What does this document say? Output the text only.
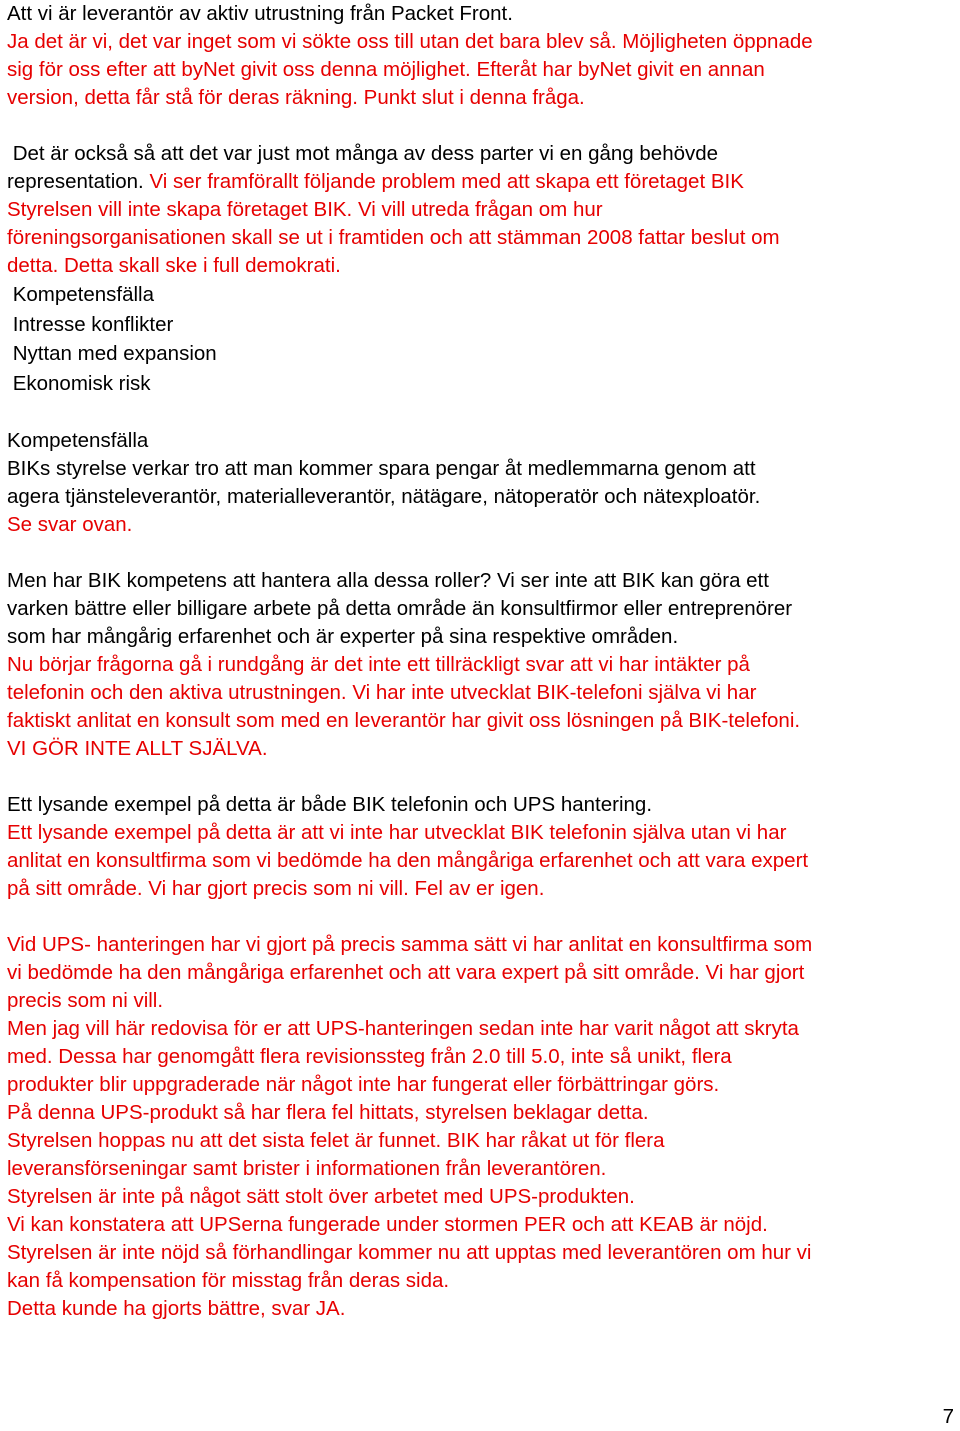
Att vi är leverantör av aktiv utrustning från Packet Front.
Ja det är vi, det var inget som vi sökte oss till utan det bara blev så. Möjligheten öppnade
sig för oss efter att byNet givit oss denna möjlighet. Efteråt har byNet givit en annan
version, detta får stå för deras räkning. Punkt slut i denna fråga.
Det är också så att det var just mot många av dess parter vi en gång behövde
representation. Vi ser framförallt följande problem med att skapa ett företaget BIK
Styrelsen vill inte skapa företaget BIK. Vi vill utreda frågan om hur
föreningsorganisationen skall se ut i framtiden och att stämman 2008 fattar beslut om
detta. Detta skall ske i full demokrati.
Kompetensfälla
Intresse konflikter
Nyttan med expansion
Ekonomisk risk
Kompetensfälla
BIKs styrelse verkar tro att man kommer spara pengar åt medlemmarna genom att
agera tjänsteleverantör, materialleverantör, nätägare, nätoperatör och nätexploatör.
Se svar ovan.
Men har BIK kompetens att hantera alla dessa roller? Vi ser inte att BIK kan göra ett
varken bättre eller billigare arbete på detta område än konsultfirmor eller entreprenörer
som har mångårig erfarenhet och är experter på sina respektive områden.
Nu börjar frågorna gå i rundgång är det inte ett tillräckligt svar att vi har intäkter på
telefonin och den aktiva utrustningen. Vi har inte utvecklat BIK-telefoni själva vi har
faktiskt anlitat en konsult som med en leverantör har givit oss lösningen på BIK-telefoni.
VI GÖR INTE ALLT SJÄLVA.
Ett lysande exempel på detta är både BIK telefonin och UPS hantering.
Ett lysande exempel på detta är att vi inte har utvecklat BIK telefonin själva utan vi har
anlitat en konsultfirma som vi bedömde ha den mångåriga erfarenhet och att vara expert
på sitt område. Vi har gjort precis som ni vill. Fel av er igen.
Vid UPS- hanteringen har vi gjort på precis samma sätt vi har anlitat en konsultfirma som
vi bedömde ha den mångåriga erfarenhet och att vara expert på sitt område. Vi har gjort
precis som ni vill.
Men jag vill här redovisa för er att UPS-hanteringen sedan inte har varit något att skryta
med. Dessa har genomgått flera revisionssteg från 2.0 till 5.0, inte så unikt, flera
produkter blir uppgraderade när något inte har fungerat eller förbättringar görs.
På denna UPS-produkt så har flera fel hittats, styrelsen beklagar detta.
Styrelsen hoppas nu att det sista felet är funnet. BIK har råkat ut för flera
leveransförseningar samt brister i informationen från leverantören.
Styrelsen är inte på något sätt stolt över arbetet med UPS-produkten.
Vi kan konstatera att UPSerna fungerade under stormen PER och att KEAB är nöjd.
Styrelsen är inte nöjd så förhandlingar kommer nu att upptas med leverantören om hur vi
kan få kompensation för misstag från deras sida.
Detta kunde ha gjorts bättre, svar JA.
7
